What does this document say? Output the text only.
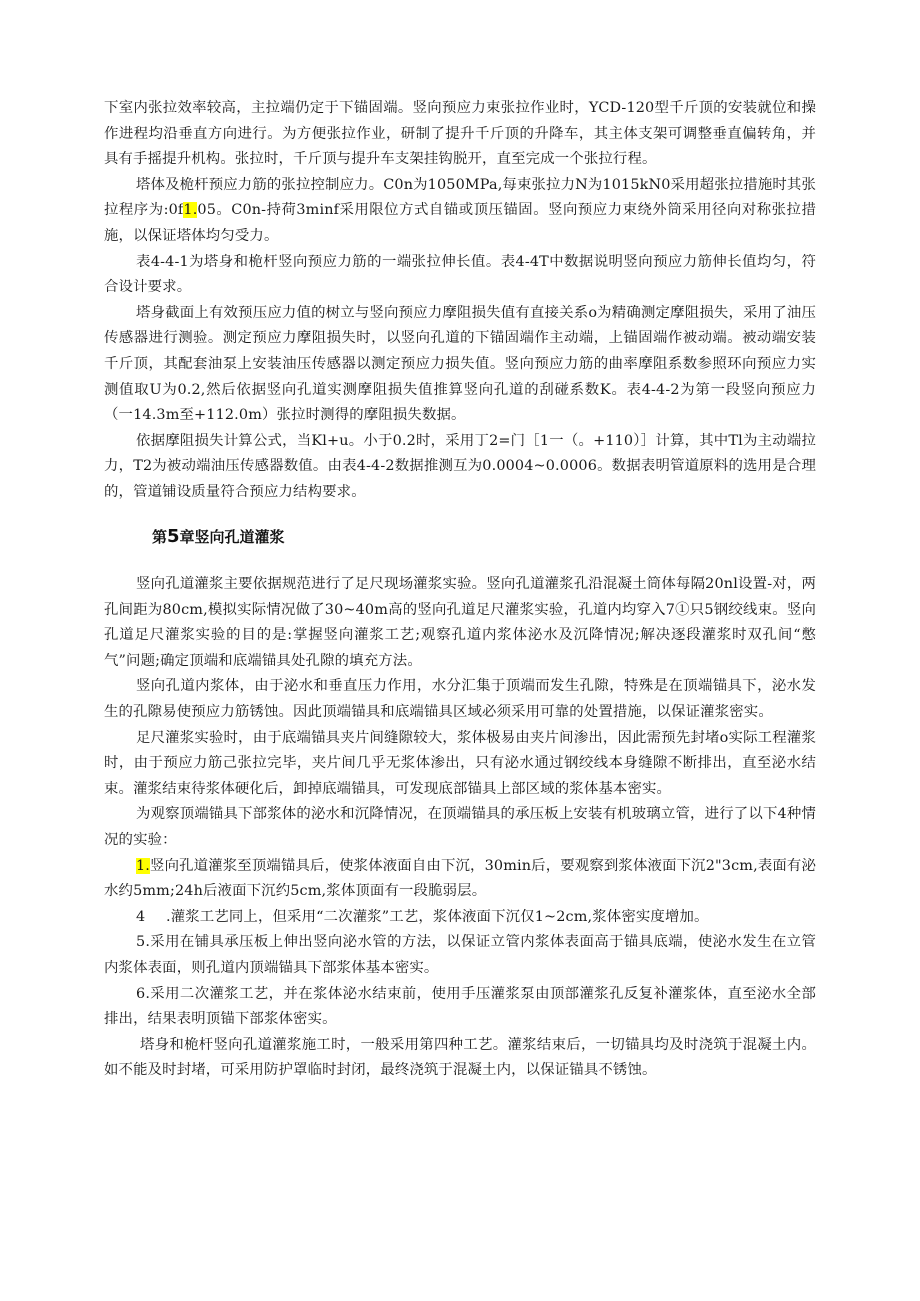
下室内张拉效率较高，主拉端仍定于下锚固端。竖向预应力束张拉作业时，YCD-120型千斤顶的安装就位和操作进程均沿垂直方向进行。为方便张拉作业，研制了提升千斤顶的升降车，其主体支架可调整垂直偏转角，并具有手摇提升机构。张拉时，千斤顶与提升车支架挂钩脱开，直至完成一个张拉行程。

塔体及桅杆预应力筋的张拉控制应力。C0n为1050MPa,每束张拉力N为1015kN0采用超张拉措施时其张拉程序为:0f1.05。C0n-持荷3minf采用限位方式自锚或顶压锚固。竖向预应力束绕外筒采用径向对称张拉措施，以保证塔体均匀受力。

表4-4-1为塔身和桅杆竖向预应力筋的一端张拉伸长值。表4-4T中数据说明竖向预应力筋伸长值均匀，符合设计要求。

塔身截面上有效预压应力值的树立与竖向预应力摩阻损失值有直接关系o为精确测定摩阻损失，采用了油压传感器进行测验。测定预应力摩阻损失时，以竖向孔道的下锚固端作主动端，上锚固端作被动端。被动端安装千斤顶，其配套油泵上安装油压传感器以测定预应力损失值。竖向预应力筋的曲率摩阻系数参照环向预应力实测值取U为0.2,然后依据竖向孔道实测摩阻损失值推算竖向孔道的刮碰系数K。表4-4-2为第一段竖向预应力（一14.3m至+112.0m）张拉时测得的摩阻损失数据。

依据摩阻损失计算公式，当Kl+u。小于0.2时，采用丁2=门［1一（。+110）］计算，其中Tl为主动端拉力，T2为被动端油压传感器数值。由表4-4-2数据推测互为0.0004~0.0006。数据表明管道原料的选用是合理的，管道铺设质量符合预应力结构要求。

第5章竖向孔道灌浆

竖向孔道灌浆主要依据规范进行了足尺现场灌浆实验。竖向孔道灌浆孔沿混凝土筒体每隔20nl设置-对，两孔间距为80cm,模拟实际情况做了30~40m高的竖向孔道足尺灌浆实验，孔道内均穿入7①只5钢绞线束。竖向孔道足尺灌浆实验的目的是:掌握竖向灌浆工艺;观察孔道内浆体泌水及沉降情况;解决逐段灌浆时双孔间“憋气”问题;确定顶端和底端锚具处孔隙的填充方法。

竖向孔道内浆体，由于泌水和垂直压力作用，水分汇集于顶端而发生孔隙，特殊是在顶端锚具下，泌水发生的孔隙易使预应力筋锈蚀。因此顶端锚具和底端锚具区域必须采用可靠的处置措施，以保证灌浆密实。

足尺灌浆实验时，由于底端锚具夹片间缝隙较大，浆体极易由夹片间渗出，因此需预先封堵o实际工程灌浆时，由于预应力筋己张拉完毕，夹片间几乎无浆体渗出，只有泌水通过钢绞线本身缝隙不断排出，直至泌水结束。灌浆结束待浆体硬化后，卸掉底端锚具，可发现底部锚具上部区域的浆体基本密实。

为观察顶端锚具下部浆体的泌水和沉降情况，在顶端锚具的承压板上安装有机玻璃立管，进行了以下4种情况的实验：

1.竖向孔道灌浆至顶端锚具后，使浆体液面自由下沉，30min后，要观察到浆体液面下沉2"3cm,表面有泌水约5mm;24h后液面下沉约5cm,浆体顶面有一段脆弱层。

4 .灌浆工艺同上，但采用“二次灌浆”工艺，浆体液面下沉仅1~2cm,浆体密实度增加。

5.采用在铺具承压板上伸出竖向泌水管的方法，以保证立管内浆体表面高于锚具底端，使泌水发生在立管内浆体表面，则孔道内顶端锚具下部浆体基本密实。

6.采用二次灌浆工艺，并在浆体泌水结束前，使用手压灌浆泵由顶部灌浆孔反复补灌浆体，直至泌水全部排出，结果表明顶锚下部浆体密实。

塔身和桅杆竖向孔道灌浆施工时，一般采用第四种工艺。灌浆结束后，一切锚具均及时浇筑于混凝土内。如不能及时封堵，可采用防护罩临时封闭，最终浇筑于混凝土内，以保证锚具不锈蚀。
